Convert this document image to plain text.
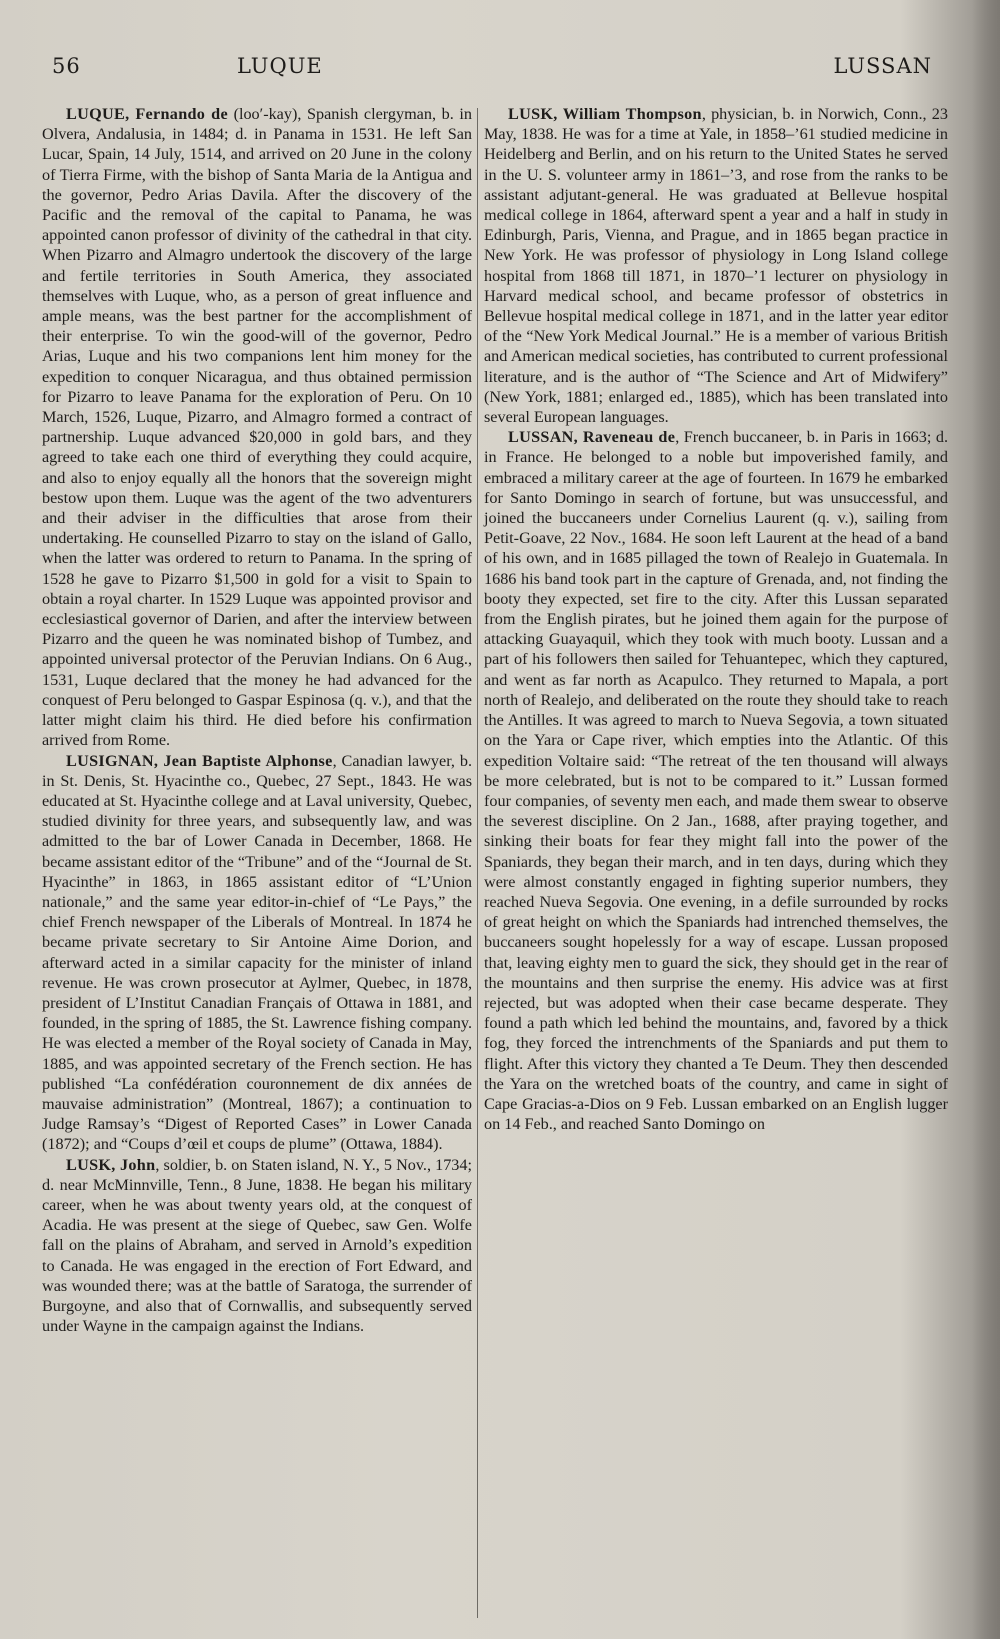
56	LUQUE	LUSSAN

LUQUE, Fernando de (loo′-kay), Spanish clergyman, b. in Olvera, Andalusia, in 1484; d. in Panama in 1531. He left San Lucar, Spain, 14 July, 1514, and arrived on 20 June in the colony of Tierra Firme, with the bishop of Santa Maria de la Antigua and the governor, Pedro Arias Davila. After the discovery of the Pacific and the removal of the capital to Panama, he was appointed canon professor of divinity of the cathedral in that city. When Pizarro and Almagro undertook the discovery of the large and fertile territories in South America, they associated themselves with Luque, who, as a person of great influence and ample means, was the best partner for the accomplishment of their enterprise. To win the good-will of the governor, Pedro Arias, Luque and his two companions lent him money for the expedition to conquer Nicaragua, and thus obtained permission for Pizarro to leave Panama for the exploration of Peru. On 10 March, 1526, Luque, Pizarro, and Almagro formed a contract of partnership. Luque advanced $20,000 in gold bars, and they agreed to take each one third of everything they could acquire, and also to enjoy equally all the honors that the sovereign might bestow upon them. Luque was the agent of the two adventurers and their adviser in the difficulties that arose from their undertaking. He counselled Pizarro to stay on the island of Gallo, when the latter was ordered to return to Panama. In the spring of 1528 he gave to Pizarro $1,500 in gold for a visit to Spain to obtain a royal charter. In 1529 Luque was appointed provisor and ecclesiastical governor of Darien, and after the interview between Pizarro and the queen he was nominated bishop of Tumbez, and appointed universal protector of the Peruvian Indians. On 6 Aug., 1531, Luque declared that the money he had advanced for the conquest of Peru belonged to Gaspar Espinosa (q. v.), and that the latter might claim his third. He died before his confirmation arrived from Rome.

LUSIGNAN, Jean Baptiste Alphonse, Canadian lawyer, b. in St. Denis, St. Hyacinthe co., Quebec, 27 Sept., 1843. He was educated at St. Hyacinthe college and at Laval university, Quebec, studied divinity for three years, and subsequently law, and was admitted to the bar of Lower Canada in December, 1868. He became assistant editor of the “Tribune” and of the “Journal de St. Hyacinthe” in 1863, in 1865 assistant editor of “L’Union nationale,” and the same year editor-in-chief of “Le Pays,” the chief French newspaper of the Liberals of Montreal. In 1874 he became private secretary to Sir Antoine Aime Dorion, and afterward acted in a similar capacity for the minister of inland revenue. He was crown prosecutor at Aylmer, Quebec, in 1878, president of L’Institut Canadian Français of Ottawa in 1881, and founded, in the spring of 1885, the St. Lawrence fishing company. He was elected a member of the Royal society of Canada in May, 1885, and was appointed secretary of the French section. He has published “La confédération couronnement de dix années de mauvaise administration” (Montreal, 1867); a continuation to Judge Ramsay’s “Digest of Reported Cases” in Lower Canada (1872); and “Coups d’œil et coups de plume” (Ottawa, 1884).

LUSK, John, soldier, b. on Staten island, N. Y., 5 Nov., 1734; d. near McMinnville, Tenn., 8 June, 1838. He began his military career, when he was about twenty years old, at the conquest of Acadia. He was present at the siege of Quebec, saw Gen. Wolfe fall on the plains of Abraham, and served in Arnold’s expedition to Canada. He was engaged in the erection of Fort Edward, and was wounded there; was at the battle of Saratoga, the surrender of Burgoyne, and also that of Cornwallis, and subsequently served under Wayne in the campaign against the Indians.

LUSK, William Thompson, physician, b. in Norwich, Conn., 23 May, 1838. He was for a time at Yale, in 1858–’61 studied medicine in Heidelberg and Berlin, and on his return to the United States he served in the U. S. volunteer army in 1861–’3, and rose from the ranks to be assistant adjutant-general. He was graduated at Bellevue hospital medical college in 1864, afterward spent a year and a half in study in Edinburgh, Paris, Vienna, and Prague, and in 1865 began practice in New York. He was professor of physiology in Long Island college hospital from 1868 till 1871, in 1870–’1 lecturer on physiology in Harvard medical school, and became professor of obstetrics in Bellevue hospital medical college in 1871, and in the latter year editor of the “New York Medical Journal.” He is a member of various British and American medical societies, has contributed to current professional literature, and is the author of “The Science and Art of Midwifery” (New York, 1881; enlarged ed., 1885), which has been translated into several European languages.

LUSSAN, Raveneau de, French buccaneer, b. in Paris in 1663; d. in France. He belonged to a noble but impoverished family, and embraced a military career at the age of fourteen. In 1679 he embarked for Santo Domingo in search of fortune, but was unsuccessful, and joined the buccaneers under Cornelius Laurent (q. v.), sailing from Petit-Goave, 22 Nov., 1684. He soon left Laurent at the head of a band of his own, and in 1685 pillaged the town of Realejo in Guatemala. In 1686 his band took part in the capture of Grenada, and, not finding the booty they expected, set fire to the city. After this Lussan separated from the English pirates, but he joined them again for the purpose of attacking Guayaquil, which they took with much booty. Lussan and a part of his followers then sailed for Tehuantepec, which they captured, and went as far north as Acapulco. They returned to Mapala, a port north of Realejo, and deliberated on the route they should take to reach the Antilles. It was agreed to march to Nueva Segovia, a town situated on the Yara or Cape river, which empties into the Atlantic. Of this expedition Voltaire said: “The retreat of the ten thousand will always be more celebrated, but is not to be compared to it.” Lussan formed four companies, of seventy men each, and made them swear to observe the severest discipline. On 2 Jan., 1688, after praying together, and sinking their boats for fear they might fall into the power of the Spaniards, they began their march, and in ten days, during which they were almost constantly engaged in fighting superior numbers, they reached Nueva Segovia. One evening, in a defile surrounded by rocks of great height on which the Spaniards had intrenched themselves, the buccaneers sought hopelessly for a way of escape. Lussan proposed that, leaving eighty men to guard the sick, they should get in the rear of the mountains and then surprise the enemy. His advice was at first rejected, but was adopted when their case became desperate. They found a path which led behind the mountains, and, favored by a thick fog, they forced the intrenchments of the Spaniards and put them to flight. After this victory they chanted a Te Deum. They then descended the Yara on the wretched boats of the country, and came in sight of Cape Gracias-a-Dios on 9 Feb. Lussan embarked on an English lugger on 14 Feb., and reached Santo Domingo on
